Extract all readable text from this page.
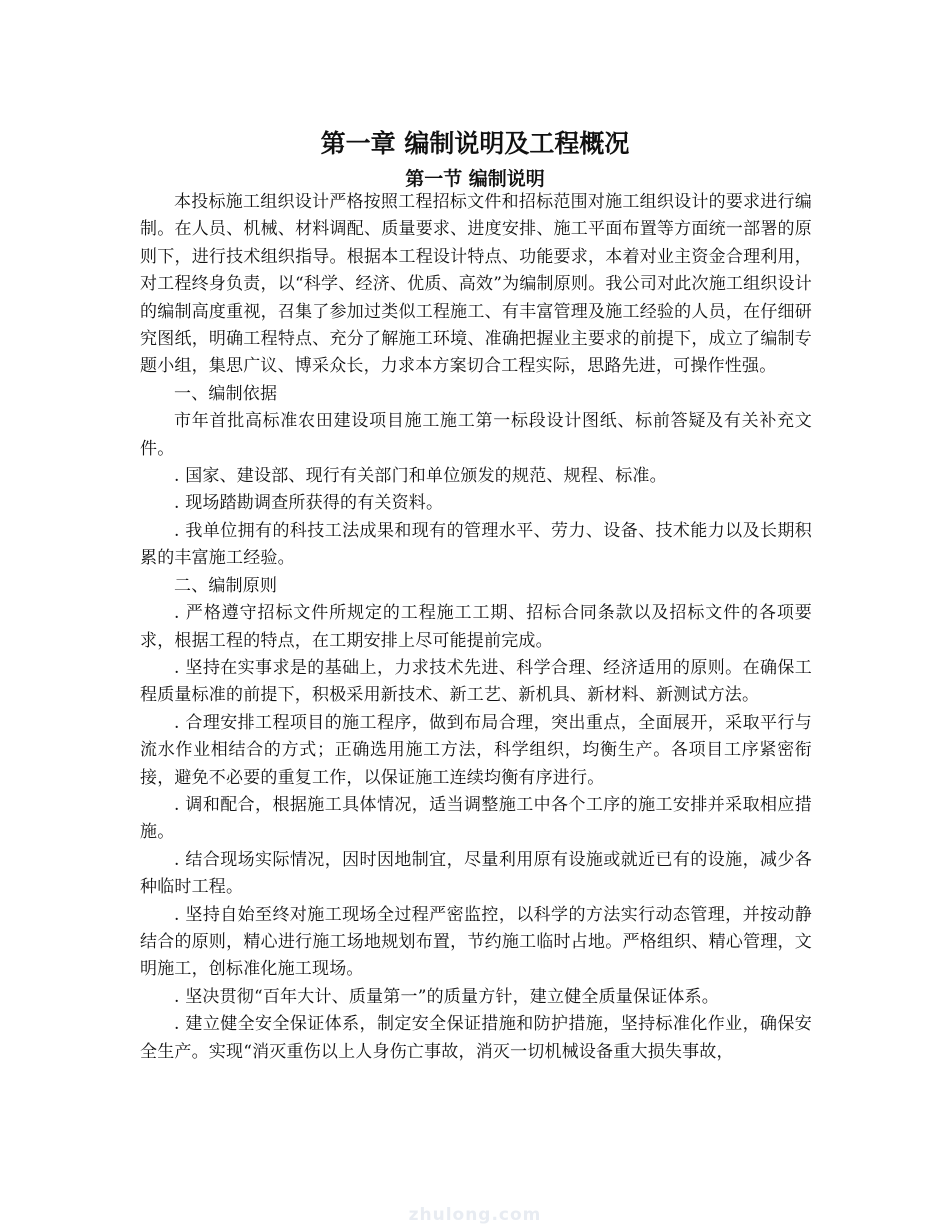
第一章 编制说明及工程概况
第一节 编制说明

本投标施工组织设计严格按照工程招标文件和招标范围对施工组织设计的要求进行编制。在人员、机械、材料调配、质量要求、进度安排、施工平面布置等方面统一部署的原则下，进行技术组织指导。根据本工程设计特点、功能要求，本着对业主资金合理利用，对工程终身负责，以“科学、经济、优质、高效”为编制原则。我公司对此次施工组织设计的编制高度重视，召集了参加过类似工程施工、有丰富管理及施工经验的人员，在仔细研究图纸，明确工程特点、充分了解施工环境、准确把握业主要求的前提下，成立了编制专题小组，集思广议、博采众长，力求本方案切合工程实际，思路先进，可操作性强。

一、编制依据

市年首批高标准农田建设项目施工施工第一标段设计图纸、标前答疑及有关补充文件。

. 国家、建设部、现行有关部门和单位颁发的规范、规程、标准。

. 现场踏勘调查所获得的有关资料。

. 我单位拥有的科技工法成果和现有的管理水平、劳力、设备、技术能力以及长期积累的丰富施工经验。

二、编制原则

. 严格遵守招标文件所规定的工程施工工期、招标合同条款以及招标文件的各项要求，根据工程的特点，在工期安排上尽可能提前完成。

. 坚持在实事求是的基础上，力求技术先进、科学合理、经济适用的原则。在确保工程质量标准的前提下，积极采用新技术、新工艺、新机具、新材料、新测试方法。

. 合理安排工程项目的施工程序，做到布局合理，突出重点，全面展开，采取平行与流水作业相结合的方式；正确选用施工方法，科学组织，均衡生产。各项目工序紧密衔接，避免不必要的重复工作，以保证施工连续均衡有序进行。

. 调和配合，根据施工具体情况，适当调整施工中各个工序的施工安排并采取相应措施。

. 结合现场实际情况，因时因地制宜，尽量利用原有设施或就近已有的设施，减少各种临时工程。

. 坚持自始至终对施工现场全过程严密监控，以科学的方法实行动态管理，并按动静结合的原则，精心进行施工场地规划布置，节约施工临时占地。严格组织、精心管理，文明施工，创标准化施工现场。

. 坚决贯彻“百年大计、质量第一”的质量方针，建立健全质量保证体系。

. 建立健全安全保证体系，制定安全保证措施和防护措施，坚持标准化作业，确保安全生产。实现“消灭重伤以上人身伤亡事故，消灭一切机械设备重大损失事故，

zhulong.com
